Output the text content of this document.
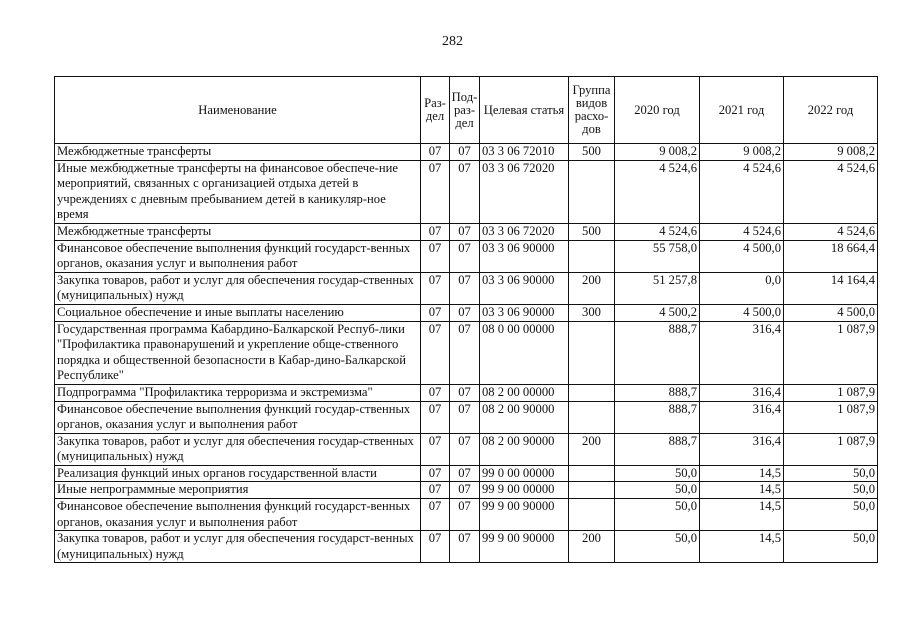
282
Наименование	Раз-дел	Под-раз-дел	Целевая статья	Группа видов расхо-дов	2020 год	2021 год	2022 год
Межбюджетные трансферты	07	07	03 3 06 72010	500	9 008,2	9 008,2	9 008,2
Иные межбюджетные трансферты на финансовое обеспече-ние мероприятий, связанных с организацией отдыха детей в учреждениях с дневным пребыванием детей в каникуляр-ное время	07	07	03 3 06 72020		4 524,6	4 524,6	4 524,6
Межбюджетные трансферты	07	07	03 3 06 72020	500	4 524,6	4 524,6	4 524,6
Финансовое обеспечение выполнения функций государст-венных органов, оказания услуг и выполнения работ	07	07	03 3 06 90000		55 758,0	4 500,0	18 664,4
Закупка товаров, работ и услуг для обеспечения государ-ственных (муниципальных) нужд	07	07	03 3 06 90000	200	51 257,8	0,0	14 164,4
Социальное обеспечение и иные выплаты населению	07	07	03 3 06 90000	300	4 500,2	4 500,0	4 500,0
Государственная программа Кабардино-Балкарской Респуб-лики "Профилактика правонарушений и укрепление обще-ственного порядка и общественной безопасности в Кабар-дино-Балкарской Республике"	07	07	08 0 00 00000		888,7	316,4	1 087,9
Подпрограмма "Профилактика терроризма и экстремизма"	07	07	08 2 00 00000		888,7	316,4	1 087,9
Финансовое обеспечение выполнения функций государ-ственных органов, оказания услуг и выполнения работ	07	07	08 2 00 90000		888,7	316,4	1 087,9
Закупка товаров, работ и услуг для обеспечения государ-ственных (муниципальных) нужд	07	07	08 2 00 90000	200	888,7	316,4	1 087,9
Реализация функций иных органов государственной власти	07	07	99 0 00 00000		50,0	14,5	50,0
Иные непрограммные мероприятия	07	07	99 9 00 00000		50,0	14,5	50,0
Финансовое обеспечение выполнения функций государст-венных органов, оказания услуг и выполнения работ	07	07	99 9 00 90000		50,0	14,5	50,0
Закупка товаров, работ и услуг для обеспечения государст-венных (муниципальных) нужд	07	07	99 9 00 90000	200	50,0	14,5	50,0
